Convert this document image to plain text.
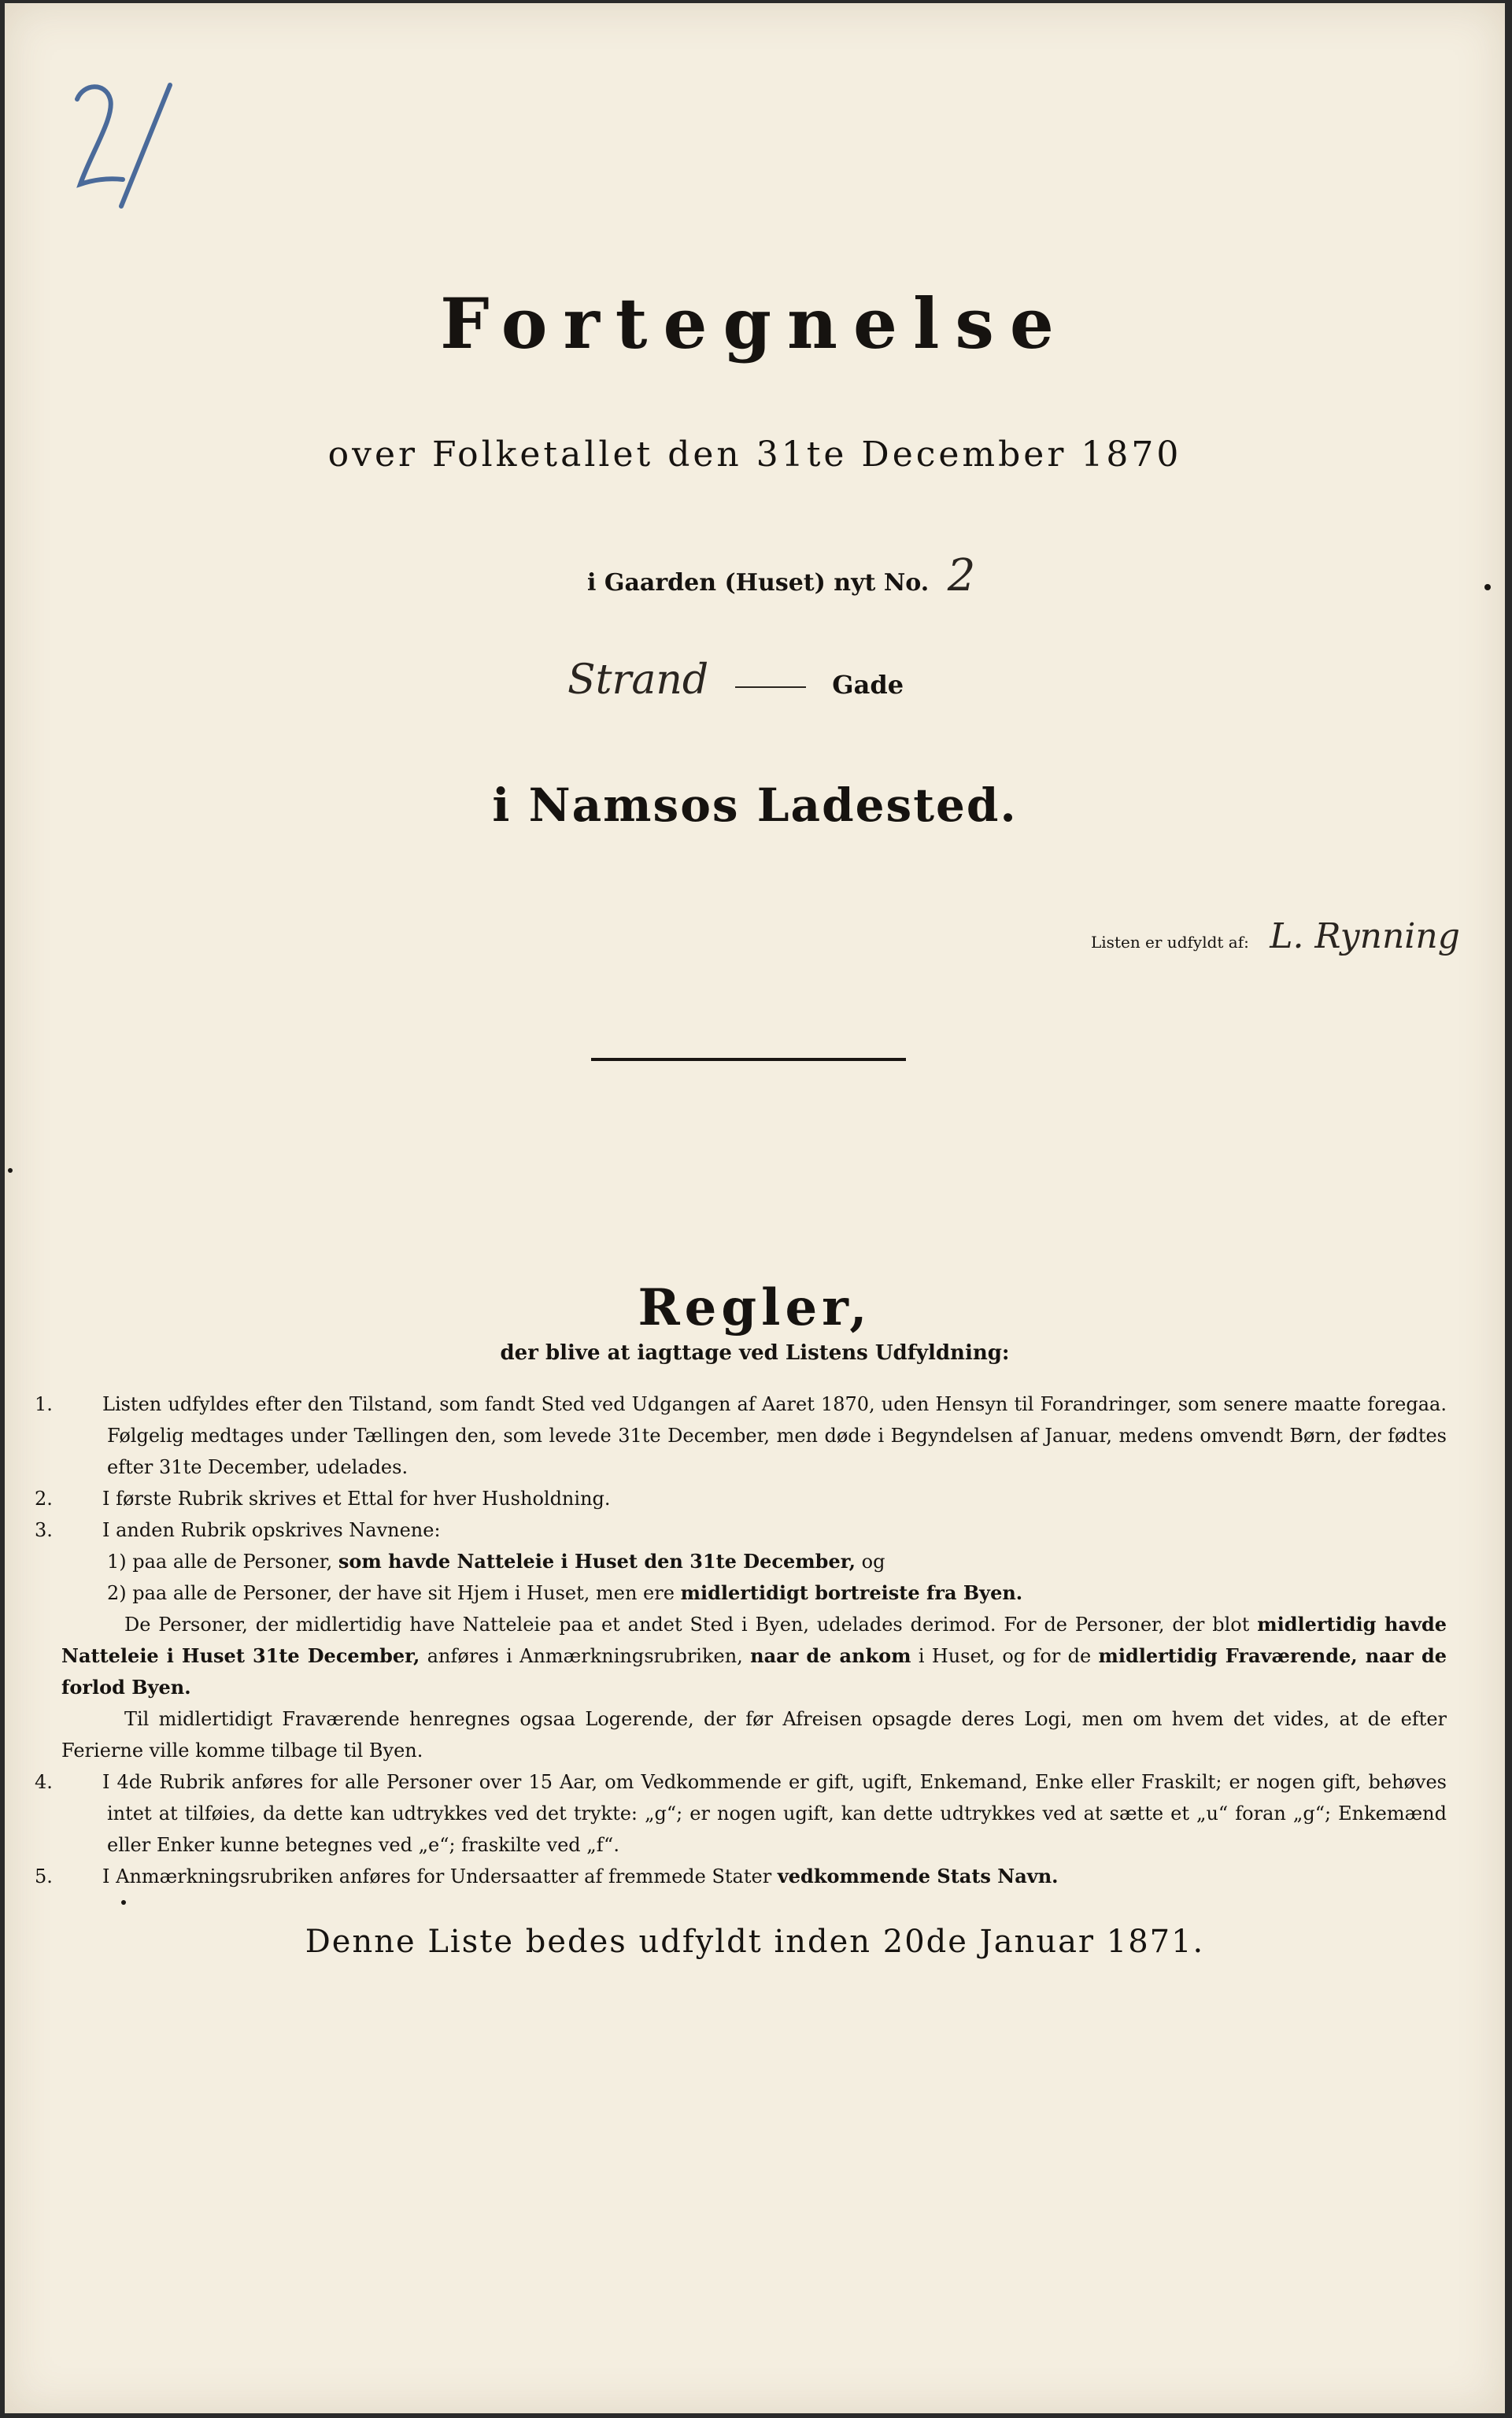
Fortegnelse
over Folketallet den 31te December 1870
i Gaarden (Huset) nyt No. 2
Strand	Gade
i Namsos Ladested.
Listen er udfyldt af: L. Rynning
Regler,
der blive at iagttage ved Listens Udfyldning:

1.	Listen udfyldes efter den Tilstand, som fandt Sted ved Udgangen af Aaret 1870, uden Hensyn til Forandringer, som senere maatte foregaa. Følgelig medtages under Tællingen den, som levede 31te December, men døde i Begyndelsen af Januar, medens omvendt Børn, der fødtes efter 31te December, udelades.

2.	I første Rubrik skrives et Ettal for hver Husholdning.

3.	I anden Rubrik opskrives Navnene:

1) paa alle de Personer, som havde Natteleie i Huset den 31te December, og

2) paa alle de Personer, der have sit Hjem i Huset, men ere midlertidigt bortreiste fra Byen.

De Personer, der midlertidig have Natteleie paa et andet Sted i Byen, udelades derimod. For de Personer, der blot midlertidig havde Natteleie i Huset 31te December, anføres i Anmærkningsrubriken, naar de ankom i Huset, og for de midlertidig Fraværende, naar de forlod Byen.

Til midlertidigt Fraværende henregnes ogsaa Logerende, der før Afreisen opsagde deres Logi, men om hvem det vides, at de efter Ferierne ville komme tilbage til Byen.

4.	I 4de Rubrik anføres for alle Personer over 15 Aar, om Vedkommende er gift, ugift, Enkemand, Enke eller Fraskilt; er nogen gift, behøves intet at tilføies, da dette kan udtrykkes ved det trykte: „g“; er nogen ugift, kan dette udtrykkes ved at sætte et „u“ foran „g“; Enkemænd eller Enker kunne betegnes ved „e“; fraskilte ved „f“.

5.	I Anmærkningsrubriken anføres for Undersaatter af fremmede Stater vedkommende Stats Navn.

Denne Liste bedes udfyldt inden 20de Januar 1871.
